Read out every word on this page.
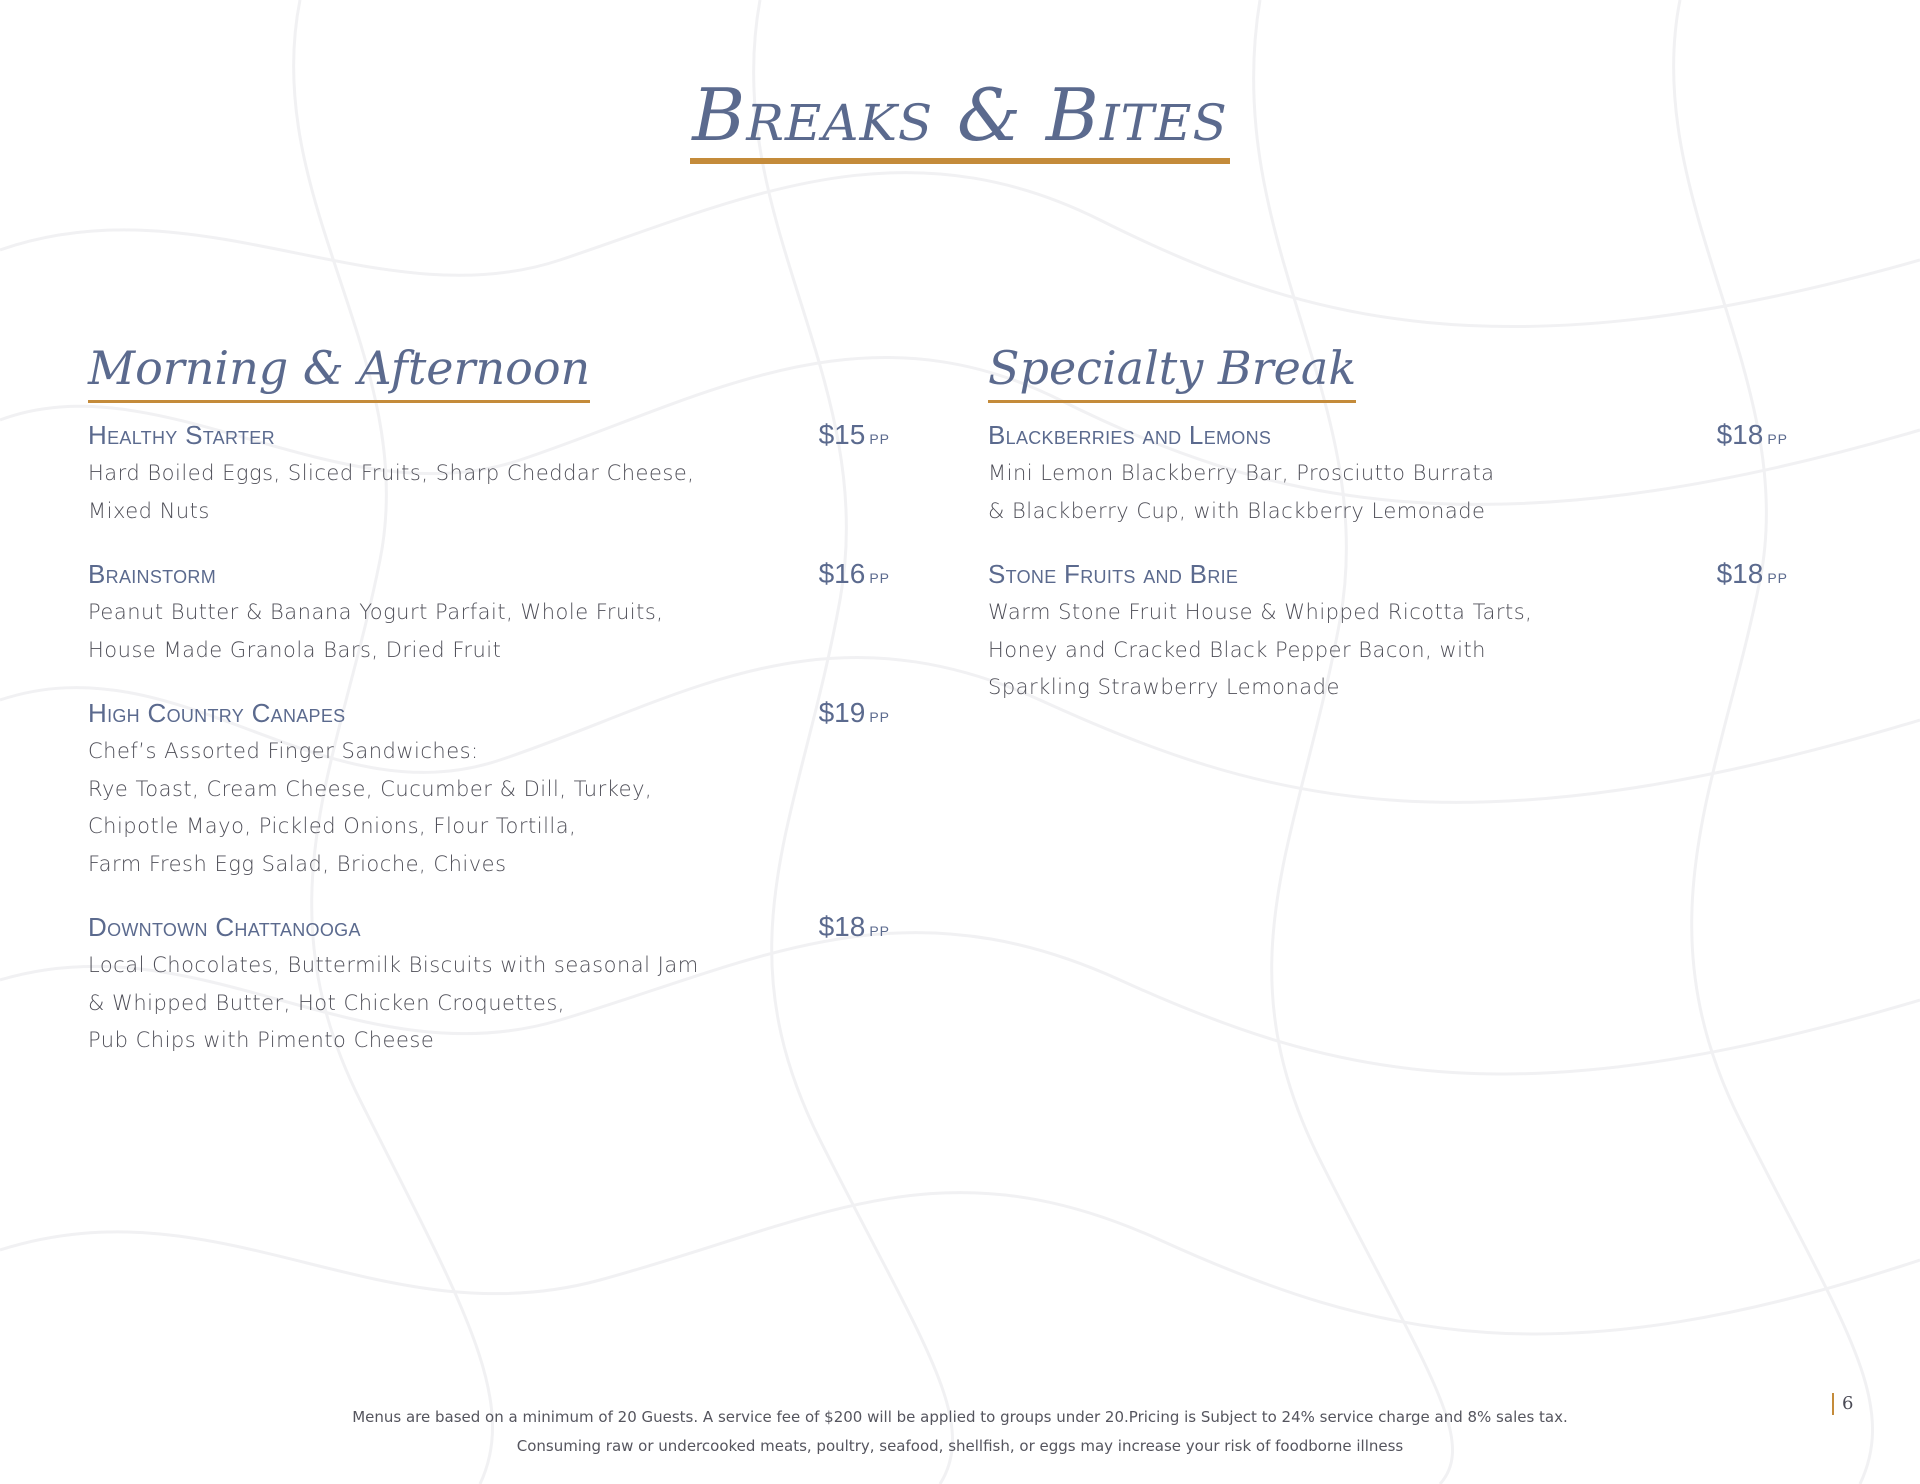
Breaks & Bites
Morning & Afternoon
Healthy Starter	$15 pp
Hard Boiled Eggs, Sliced Fruits, Sharp Cheddar Cheese,
Mixed Nuts
Brainstorm	$16 pp
Peanut Butter & Banana Yogurt Parfait, Whole Fruits,
House Made Granola Bars, Dried Fruit
High Country Canapes	$19 pp
Chef’s Assorted Finger Sandwiches:
Rye Toast, Cream Cheese, Cucumber & Dill, Turkey,
Chipotle Mayo, Pickled Onions, Flour Tortilla,
Farm Fresh Egg Salad, Brioche, Chives
Downtown Chattanooga	$18 pp
Local Chocolates, Buttermilk Biscuits with seasonal Jam
& Whipped Butter, Hot Chicken Croquettes,
Pub Chips with Pimento Cheese
Specialty Break
Blackberries and Lemons	$18 pp
Mini Lemon Blackberry Bar, Prosciutto Burrata
& Blackberry Cup, with Blackberry Lemonade
Stone Fruits and Brie	$18 pp
Warm Stone Fruit House & Whipped Ricotta Tarts,
Honey and Cracked Black Pepper Bacon, with
Sparkling Strawberry Lemonade
Menus are based on a minimum of 20 Guests. A service fee of $200 will be applied to groups under 20.Pricing is Subject to 24% service charge and 8% sales tax.
Consuming raw or undercooked meats, poultry, seafood, shellfish, or eggs may increase your risk of foodborne illness
6
